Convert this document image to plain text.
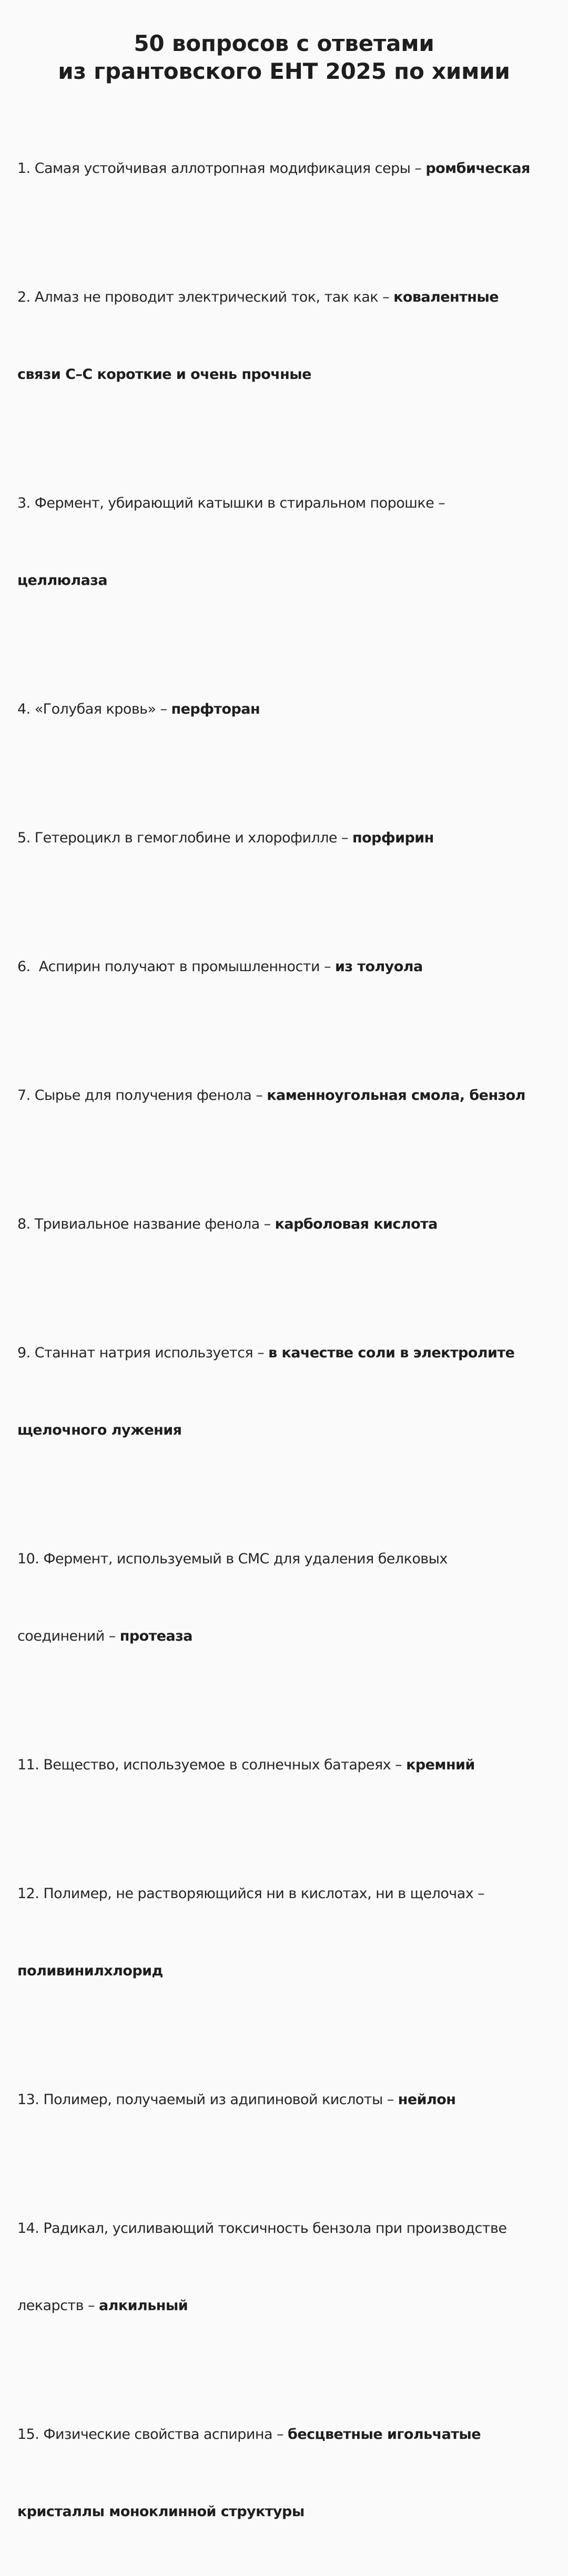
50 вопросов с ответами
из грантовского ЕНТ 2025 по химии

1. Самая устойчивая аллотропная модификация серы – ромбическая

2. Алмаз не проводит электрический ток, так как – ковалентные

связи С–С короткие и очень прочные

3. Фермент, убирающий катышки в стиральном порошке –

целлюлаза

4. «Голубая кровь» – перфторан

5. Гетероцикл в гемоглобине и хлорофилле – порфирин

6.  Аспирин получают в промышленности – из толуола

7. Сырье для получения фенола – каменноугольная смола, бензол

8. Тривиальное название фенола – карболовая кислота

9. Станнат натрия используется – в качестве соли в электролите

щелочного лужения

10. Фермент, используемый в СМС для удаления белковых

соединений – протеаза

11. Вещество, используемое в солнечных батареях – кремний

12. Полимер, не растворяющийся ни в кислотах, ни в щелочах –

поливинилхлорид

13. Полимер, получаемый из адипиновой кислоты – нейлон

14. Радикал, усиливающий токсичность бензола при производстве

лекарств – алкильный

15. Физические свойства аспирина – бесцветные игольчатые

кристаллы моноклинной структуры
